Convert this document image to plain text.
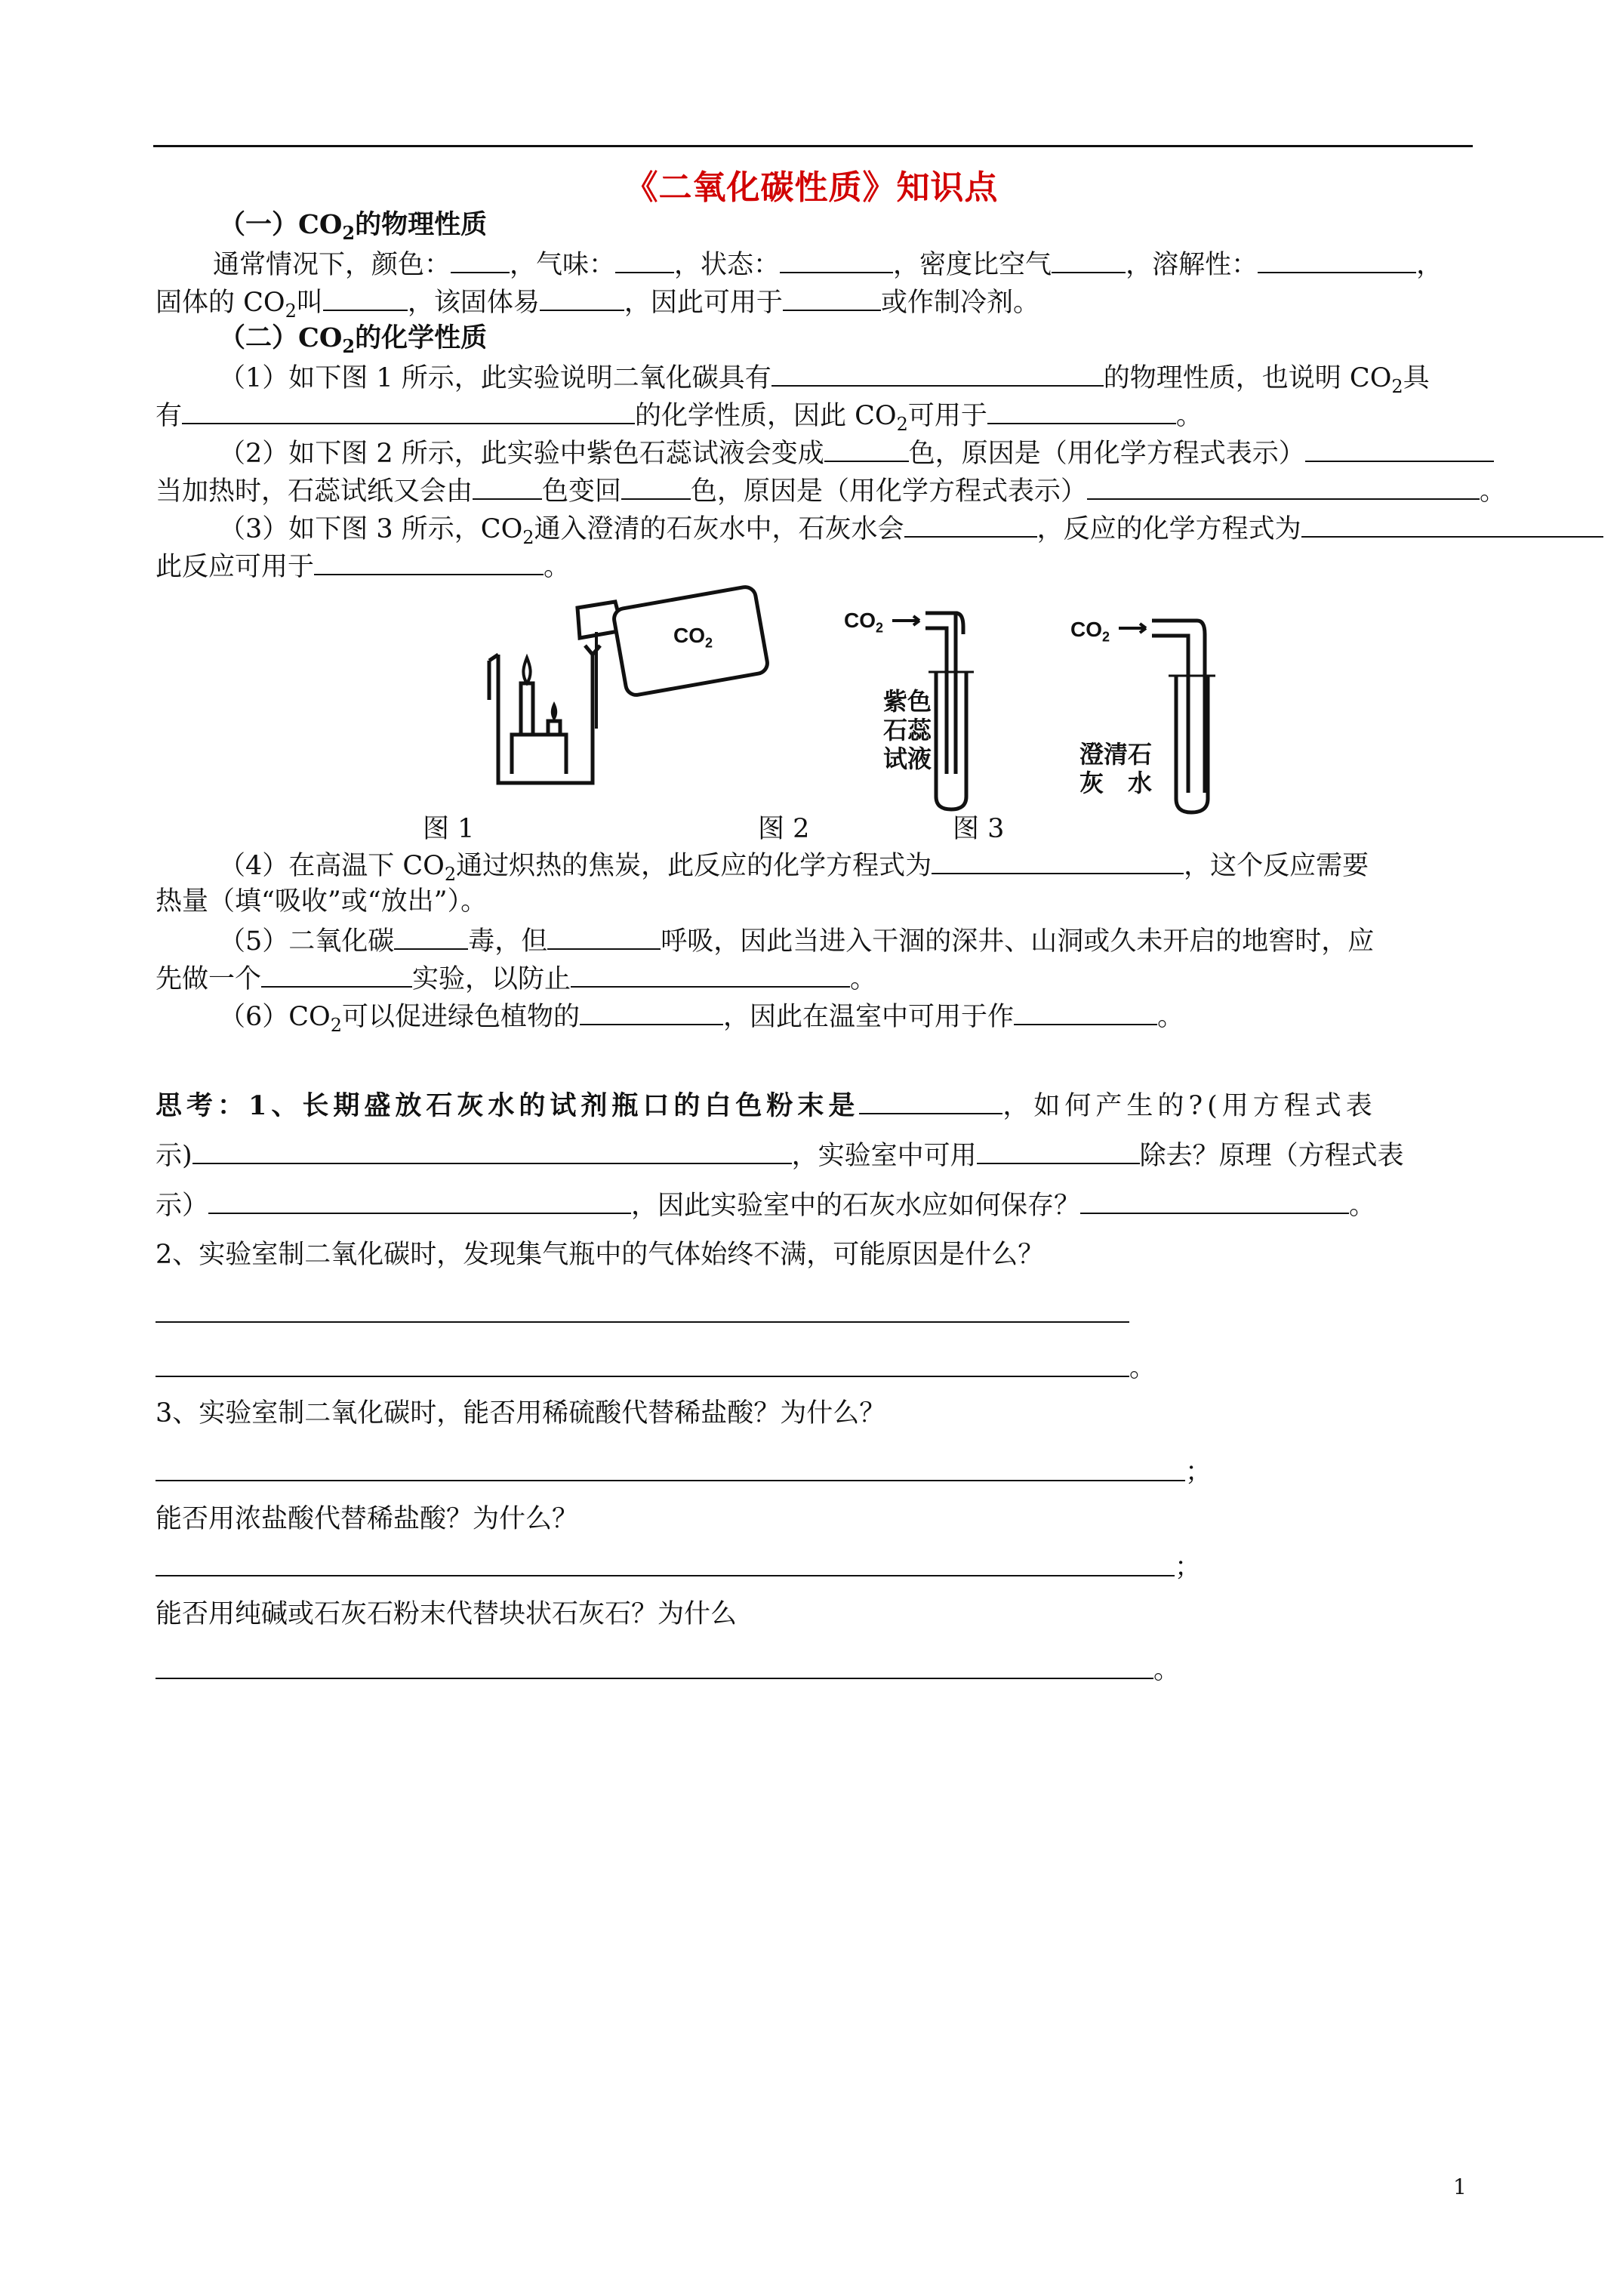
《二氧化碳性质》知识点
（一）$CO_2$的物理性质
通常情况下，颜色： ，气味： ，状态：	，密度比空气	，溶解性：	，
固体的 $CO_2$叫	，该固体易	，因此可用于	或作制冷剂。
（二）$CO_2$的化学性质
（1）如下图 1 所示，此实验说明二氧化碳具有	的物理性质，也说明 $CO_2$具
有	的化学性质，因此 $CO_2$可用于	。
（2）如下图 2 所示，此实验中紫色石蕊试液会变成	色，原因是（用化学方程式表示）
当加热时，石蕊试纸又会由	色变回	色，原因是（用化学方程式表示）	。
（3）如下图 3 所示，$CO_2$通入澄清的石灰水中，石灰水会	，反应的化学方程式为
此反应可用于	。
$CO_2$
$CO_2$
紫色
石蕊
试液
$CO_2$
澄清石
灰　水
图 1	图 2	图 3
（4）在高温下 $CO_2$通过炽热的焦炭，此反应的化学方程式为	，这个反应需要
热量（填“吸收”或“放出”）。
（5）二氧化碳	毒，但	呼吸，因此当进入干涸的深井、山洞或久未开启的地窖时，应
先做一个	实验，以防止	。
$(6)CO_2$可以促进绿色植物的	，因此在温室中可用于作	。
思考：1、长期盛放石灰水的试剂瓶口的白色粉末是	，如何产生的?(用方程式表
示)	，实验室中可用	除去？原理（方程式表
示）	，因此实验室中的石灰水应如何保存？	。
2、实验室制二氧化碳时，发现集气瓶中的气体始终不满，可能原因是什么？
。
3、实验室制二氧化碳时，能否用稀硫酸代替稀盐酸？为什么？
；
能否用浓盐酸代替稀盐酸？为什么？
；
能否用纯碱或石灰石粉末代替块状石灰石？为什么
。
1
